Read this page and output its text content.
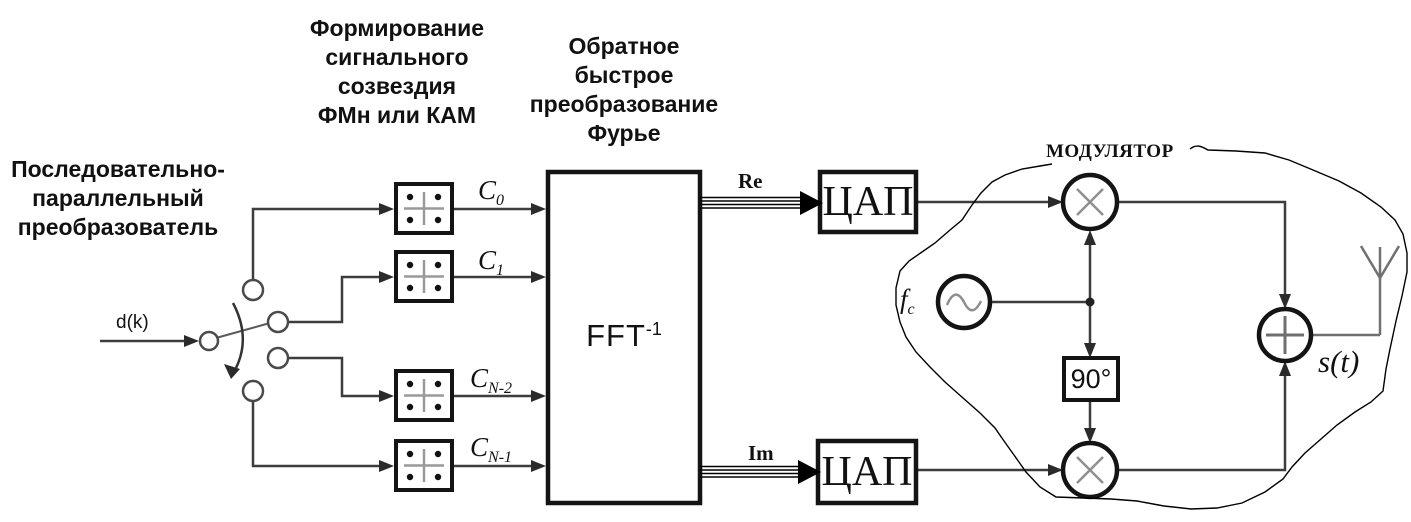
Последовательно-
параллельный
преобразователь
Формирование
сигнального
созвездия
ФМн или КАМ
Обратное
быстрое
преобразование
Фурье
МОДУЛЯТОР
d(k)
$C_0$
$C_1$
$C_{N-2}$
$C_{N-1}$
$FFT^{-1}$
Re
Im
ЦАП
ЦАП
$f_c$
90°	s(t)
